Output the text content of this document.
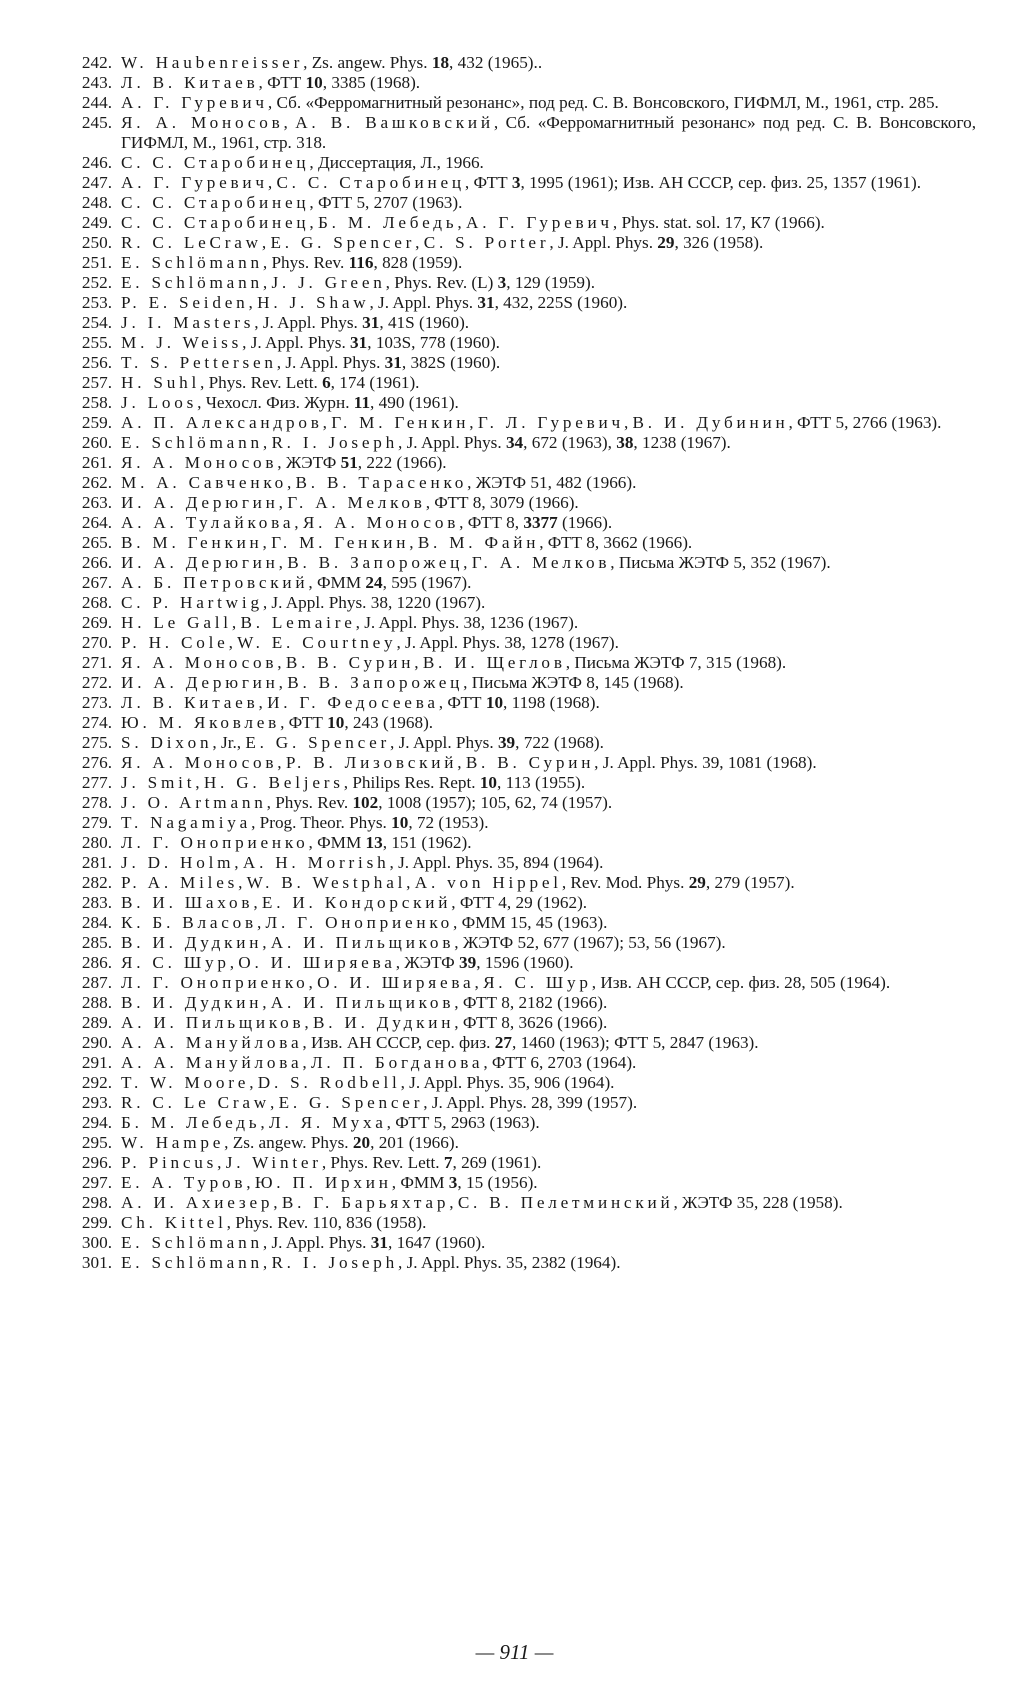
242. W. Haubenreisser, Zs. angew. Phys. 18, 432 (1965)..
243. Л. В. Китаев, ФТТ 10, 3385 (1968).
244. А. Г. Гуревич, Сб. «Ферромагнитный резонанс», под ред. С. В. Вонсовского, ГИФМЛ, М., 1961, стр. 285.
245. Я. А. Моносов, А. В. Вашковский, Сб. «Ферромагнитный резонанс» под ред. С. В. Вонсовского, ГИФМЛ, М., 1961, стр. 318.
246. С. С. Старобинец, Диссертация, Л., 1966.
247. А. Г. Гуревич, С. С. Старобинец, ФТТ 3, 1995 (1961); Изв. АН СССР, сер. физ. 25, 1357 (1961).
248. С. С. Старобинец, ФТТ 5, 2707 (1963).
249. С. С. Старобинец, Б. М. Лебедь, А. Г. Гуревич, Phys. stat. sol. 17, К7 (1966).
250. R. C. LeCraw, E. G. Spencer, C. S. Porter, J. Appl. Phys. 29, 326 (1958).
251. E. Schlömann, Phys. Rev. 116, 828 (1959).
252. E. Schlömann, J. J. Green, Phys. Rev. (L) 3, 129 (1959).
253. P. E. Seiden, H. J. Shaw, J. Appl. Phys. 31, 432, 225S (1960).
254. J. I. Masters, J. Appl. Phys. 31, 41S (1960).
255. M. J. Weiss, J. Appl. Phys. 31, 103S, 778 (1960).
256. T. S. Pettersen, J. Appl. Phys. 31, 382S (1960).
257. H. Suhl, Phys. Rev. Lett. 6, 174 (1961).
258. J. Loos, Чехосл. Физ. Журн. 11, 490 (1961).
259. А. П. Александров, Г. М. Генкин, Г. Л. Гуревич, В. И. Дубинин, ФТТ 5, 2766 (1963).
260. E. Schlömann, R. I. Joseph, J. Appl. Phys. 34, 672 (1963), 38, 1238 (1967).
261. Я. А. Моносов, ЖЭТФ 51, 222 (1966).
262. М. А. Савченко, В. В. Тарасенко, ЖЭТФ 51, 482 (1966).
263. И. А. Дерюгин, Г. А. Мелков, ФТТ 8, 3079 (1966).
264. А. А. Тулайкова, Я. А. Моносов, ФТТ 8, 3377 (1966).
265. В. М. Генкин, Г. М. Генкин, В. М. Файн, ФТТ 8, 3662 (1966).
266. И. А. Дерюгин, В. В. Запорожец, Г. А. Мелков, Письма ЖЭТФ 5, 352 (1967).
267. А. Б. Петровский, ФММ 24, 595 (1967).
268. C. P. Hartwig, J. Appl. Phys. 38, 1220 (1967).
269. H. Le Gall, B. Lemaire, J. Appl. Phys. 38, 1236 (1967).
270. P. H. Cole, W. E. Courtney, J. Appl. Phys. 38, 1278 (1967).
271. Я. А. Моносов, В. В. Сурин, В. И. Щеглов, Письма ЖЭТФ 7, 315 (1968).
272. И. А. Дерюгин, В. В. Запорожец, Письма ЖЭТФ 8, 145 (1968).
273. Л. В. Китаев, И. Г. Федосеева, ФТТ 10, 1198 (1968).
274. Ю. М. Яковлев, ФТТ 10, 243 (1968).
275. S. Dixon, Jr., E. G. Spencer, J. Appl. Phys. 39, 722 (1968).
276. Я. А. Моносов, Р. В. Лизовский, В. В. Сурин, J. Appl. Phys. 39, 1081 (1968).
277. J. Smit, H. G. Beljers, Philips Res. Rept. 10, 113 (1955).
278. J. O. Artmann, Phys. Rev. 102, 1008 (1957); 105, 62, 74 (1957).
279. T. Nagamiya, Prog. Theor. Phys. 10, 72 (1953).
280. Л. Г. Оноприенко, ФММ 13, 151 (1962).
281. J. D. Holm, A. H. Morrish, J. Appl. Phys. 35, 894 (1964).
282. P. A. Miles, W. B. Westphal, A. von Hippel, Rev. Mod. Phys. 29, 279 (1957).
283. В. И. Шахов, Е. И. Кондорский, ФТТ 4, 29 (1962).
284. К. Б. Власов, Л. Г. Оноприенко, ФММ 15, 45 (1963).
285. В. И. Дудкин, А. И. Пильщиков, ЖЭТФ 52, 677 (1967); 53, 56 (1967).
286. Я. С. Шур, О. И. Ширяева, ЖЭТФ 39, 1596 (1960).
287. Л. Г. Оноприенко, О. И. Ширяева, Я. С. Шур, Изв. АН СССР, сер. физ. 28, 505 (1964).
288. В. И. Дудкин, А. И. Пильщиков, ФТТ 8, 2182 (1966).
289. А. И. Пильщиков, В. И. Дудкин, ФТТ 8, 3626 (1966).
290. А. А. Мануйлова, Изв. АН СССР, сер. физ. 27, 1460 (1963); ФТТ 5, 2847 (1963).
291. А. А. Мануйлова, Л. П. Богданова, ФТТ 6, 2703 (1964).
292. T. W. Moore, D. S. Rodbell, J. Appl. Phys. 35, 906 (1964).
293. R. C. Le Craw, E. G. Spencer, J. Appl. Phys. 28, 399 (1957).
294. Б. М. Лебедь, Л. Я. Муха, ФТТ 5, 2963 (1963).
295. W. Hampe, Zs. angew. Phys. 20, 201 (1966).
296. P. Pincus, J. Winter, Phys. Rev. Lett. 7, 269 (1961).
297. Е. А. Туров, Ю. П. Ирхин, ФММ 3, 15 (1956).
298. А. И. Ахиезер, В. Г. Барьяхтар, С. В. Пелетминский, ЖЭТФ 35, 228 (1958).
299. Ch. Kittel, Phys. Rev. 110, 836 (1958).
300. E. Schlömann, J. Appl. Phys. 31, 1647 (1960).
301. E. Schlömann, R. I. Joseph, J. Appl. Phys. 35, 2382 (1964).
— 911 —
